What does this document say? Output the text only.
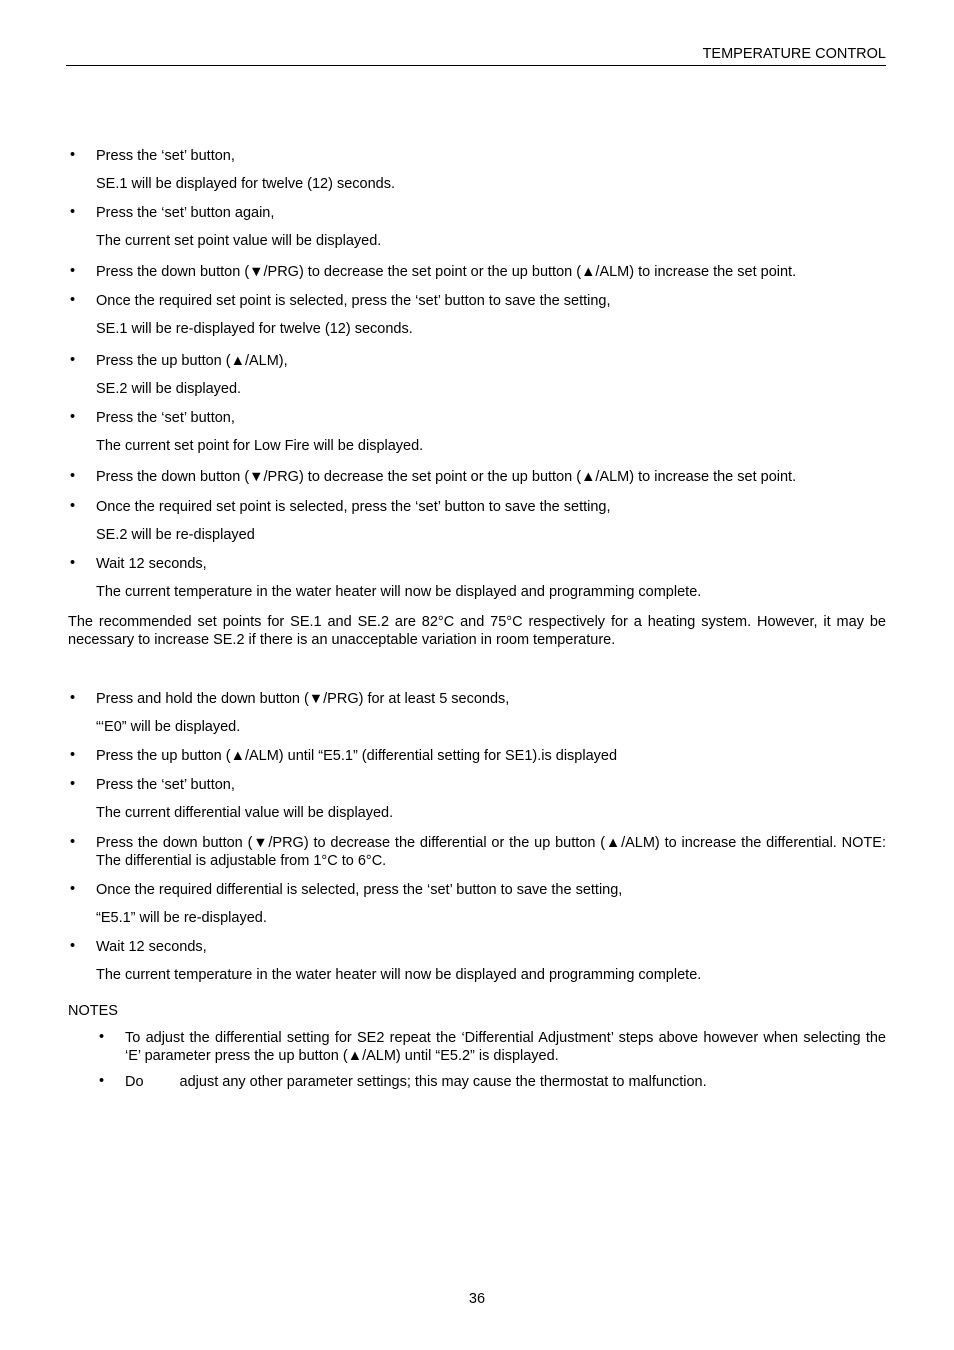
TEMPERATURE CONTROL
• Press the ‘set’ button,
SE.1 will be displayed for twelve (12) seconds.
• Press the ‘set’ button again,
The current set point value will be displayed.
• Press the down button (▼/PRG) to decrease the set point or the up button (▲/ALM) to increase the set point.
• Once the required set point is selected, press the ‘set’ button to save the setting,
SE.1 will be re-displayed for twelve (12) seconds.
• Press the up button (▲/ALM),
SE.2 will be displayed.
• Press the ‘set’ button,
The current set point for Low Fire will be displayed.
• Press the down button (▼/PRG) to decrease the set point or the up button (▲/ALM) to increase the set point.
• Once the required set point is selected, press the ‘set’ button to save the setting,
SE.2 will be re-displayed
• Wait 12 seconds,
The current temperature in the water heater will now be displayed and programming complete.
The recommended set points for SE.1 and SE.2 are 82°C and 75°C respectively for a heating system. However, it may be necessary to increase SE.2 if there is an unacceptable variation in room temperature.
• Press and hold the down button (▼/PRG) for at least 5 seconds,
“‘E0” will be displayed.
• Press the up button (▲/ALM) until “E5.1” (differential setting for SE1).is displayed
• Press the ‘set’ button,
The current differential value will be displayed.
• Press the down button (▼/PRG) to decrease the differential or the up button (▲/ALM) to increase the differential. NOTE: The differential is adjustable from 1°C to 6°C.
• Once the required differential is selected, press the ‘set’ button to save the setting,
“E5.1” will be re-displayed.
• Wait 12 seconds,
The current temperature in the water heater will now be displayed and programming complete.
NOTES
• To adjust the differential setting for SE2 repeat the ‘Differential Adjustment’ steps above however when selecting the ‘E’ parameter press the up button (▲/ALM) until “E5.2” is displayed.
• Do adjust any other parameter settings; this may cause the thermostat to malfunction.
36
